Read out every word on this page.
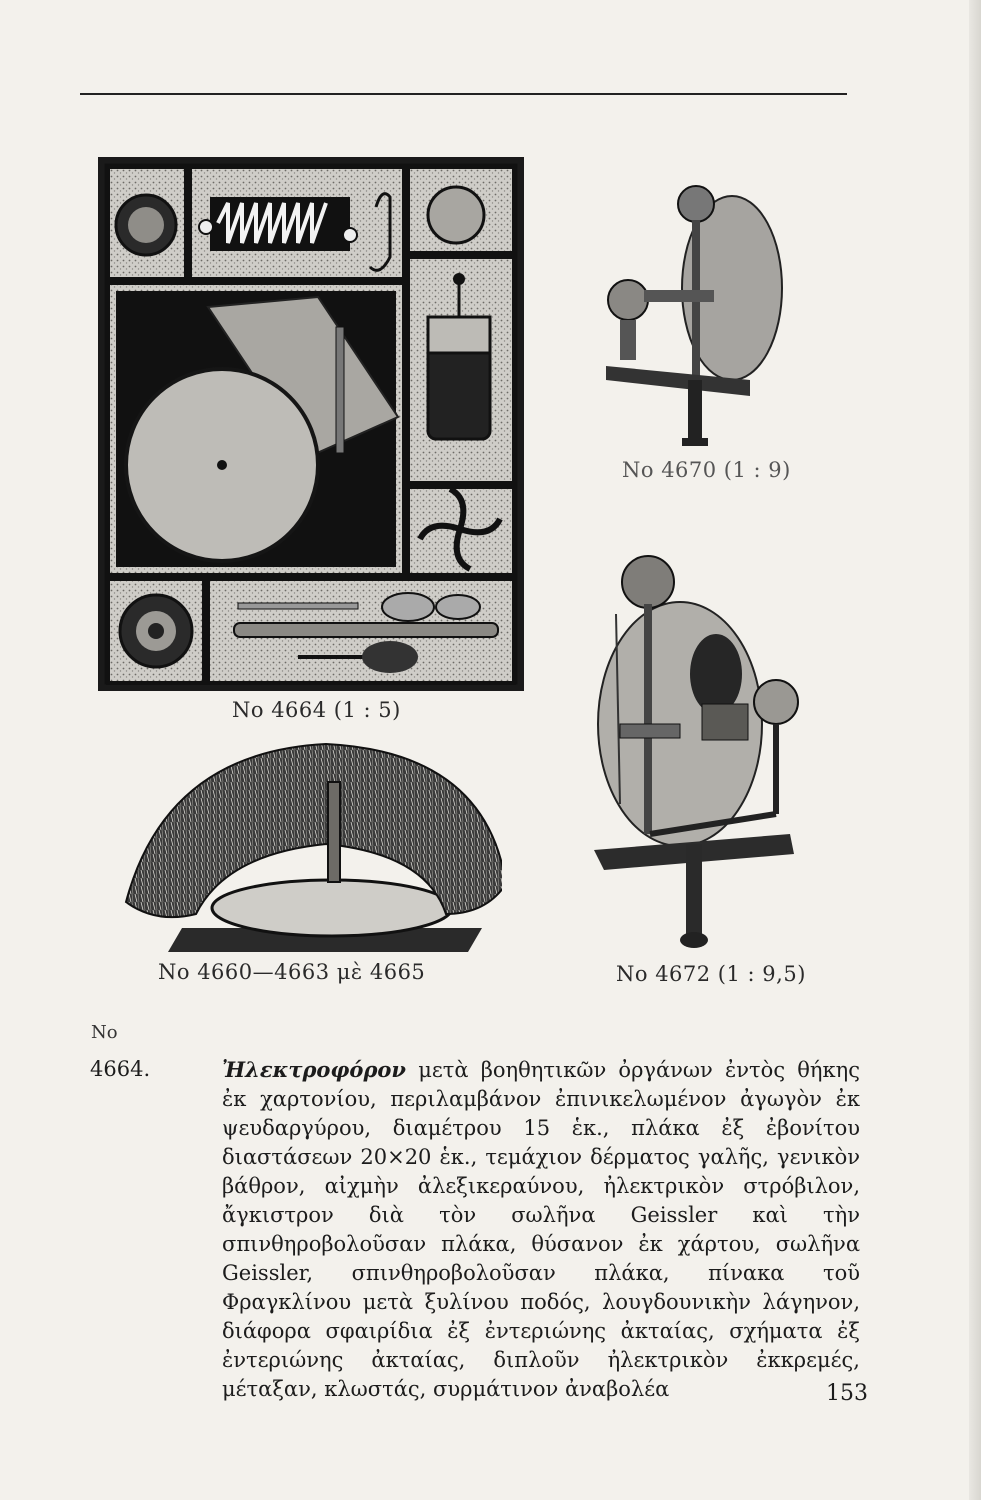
No 4664 (1 : 5)
No 4670 (1 : 9)
No 4660—4663 μὲ 4665	No 4672 (1 : 9,5)
No
4664.	Ἠλεκτροφόρον μετὰ βοηθητικῶν ὀργάνων ἐντὸς θήκης ἐκ χαρτονίου, περιλαμβάνον ἐπινικελωμένον ἀγωγὸν ἐκ ψευδαργύρου, διαμέτρου 15 ἑκ., πλάκα ἐξ ἐβονίτου διαστάσεων 20×20 ἑκ., τεμάχιον δέρματος γαλῆς, γενικὸν βάθρον, αἰχμὴν ἀλεξικεραύνου, ἠλεκτρικὸν στρόβιλον, ἄγκιστρον διὰ τὸν σωλῆνα Geissler καὶ τὴν σπινθηροβολοῦσαν πλάκα, θύσανον ἐκ χάρτου, σωλῆνα Geissler, σπινθηροβολοῦσαν πλάκα, πίνακα τοῦ Φραγκλίνου μετὰ ξυλίνου ποδός, λουγδουνικὴν λάγηνον, διάφορα σφαιρίδια ἐξ ἐντεριώνης ἀκταίας, σχήματα ἐξ ἐντεριώνης ἀκταίας, διπλοῦν ἠλεκτρικὸν ἐκκρεμές, μέταξαν, κλωστάς, συρμάτινον ἀναβολέα	153
